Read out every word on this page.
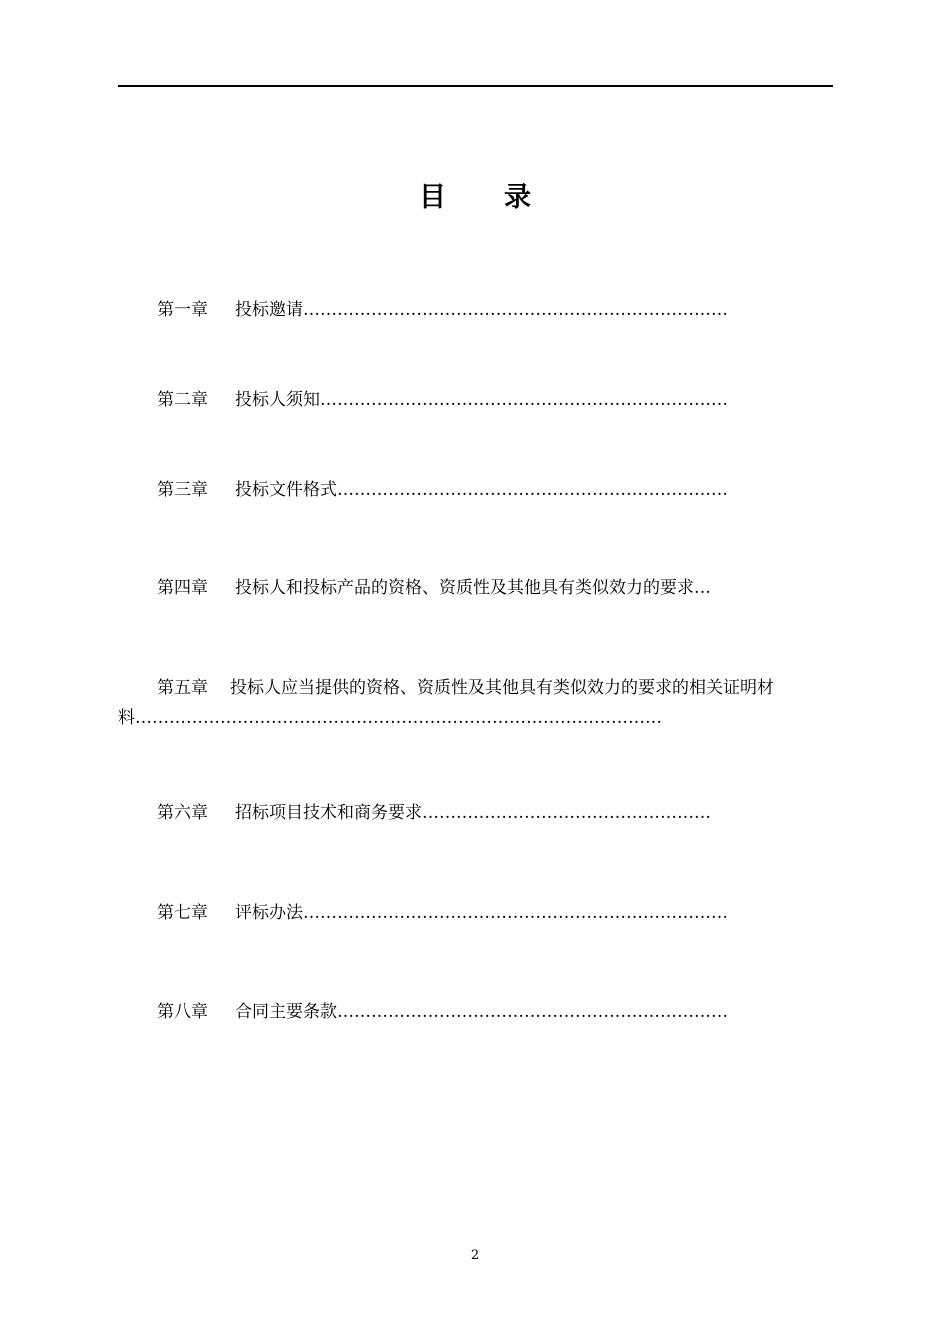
目录
第一章 投标邀请…………………………………………………………………
第二章 投标人须知………………………………………………………………
第三章 投标文件格式……………………………………………………………
第四章 投标人和投标产品的资格、资质性及其他具有类似效力的要求…
第五章 投标人应当提供的资格、资质性及其他具有类似效力的要求的相关证明材料…………………………………………………………………………………
第六章 招标项目技术和商务要求……………………………………………
第七章 评标办法…………………………………………………………………
第八章 合同主要条款……………………………………………………………
2
